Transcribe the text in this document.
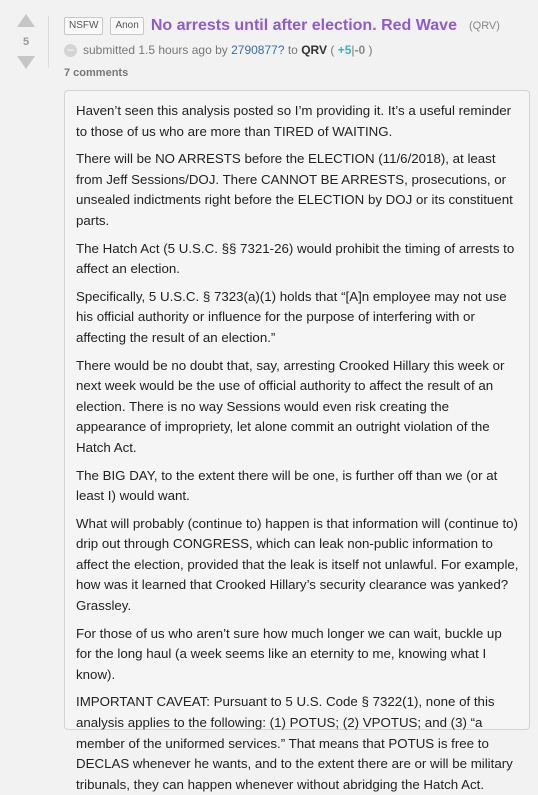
5
NSFW	Anon No arrests until after election. Red Wave (QRV)
– submitted 1.5 hours ago by
2790877?
to
QRV
(
+5 | -0
)
7 comments

Haven’t seen this analysis posted so I’m providing it. It’s a useful reminder to those of us who are more than TIRED of WAITING.

There will be NO ARRESTS before the ELECTION (11/6/2018), at least from Jeff Sessions/DOJ. There CANNOT BE ARRESTS, prosecutions, or unsealed indictments right before the ELECTION by DOJ or its constituent parts.

The Hatch Act (5 U.S.C. §§ 7321-26) would prohibit the timing of arrests to affect an election.

Specifically, 5 U.S.C. § 7323(a)(1) holds that “[A]n employee may not use his official authority or influence for the purpose of interfering with or affecting the result of an election.”

There would be no doubt that, say, arresting Crooked Hillary this week or next week would be the use of official authority to affect the result of an election. There is no way Sessions would even risk creating the appearance of impropriety, let alone commit an outright violation of the Hatch Act.

The BIG DAY, to the extent there will be one, is further off than we (or at least I) would want.

What will probably (continue to) happen is that information will (continue to) drip out through CONGRESS, which can leak non-public information to affect the election, provided that the leak is itself not unlawful. For example, how was it learned that Crooked Hillary’s security clearance was yanked? Grassley.

For those of us who aren’t sure how much longer we can wait, buckle up for the long haul (a week seems like an eternity to me, knowing what I know).

IMPORTANT CAVEAT: Pursuant to 5 U.S. Code § 7322(1), none of this analysis applies to the following: (1) POTUS; (2) VPOTUS; and (3) “a member of the uniformed services.” That means that POTUS is free to DECLAS whenever he wants, and to the extent there are or will be military tribunals, they can happen whenever without abridging the Hatch Act.
